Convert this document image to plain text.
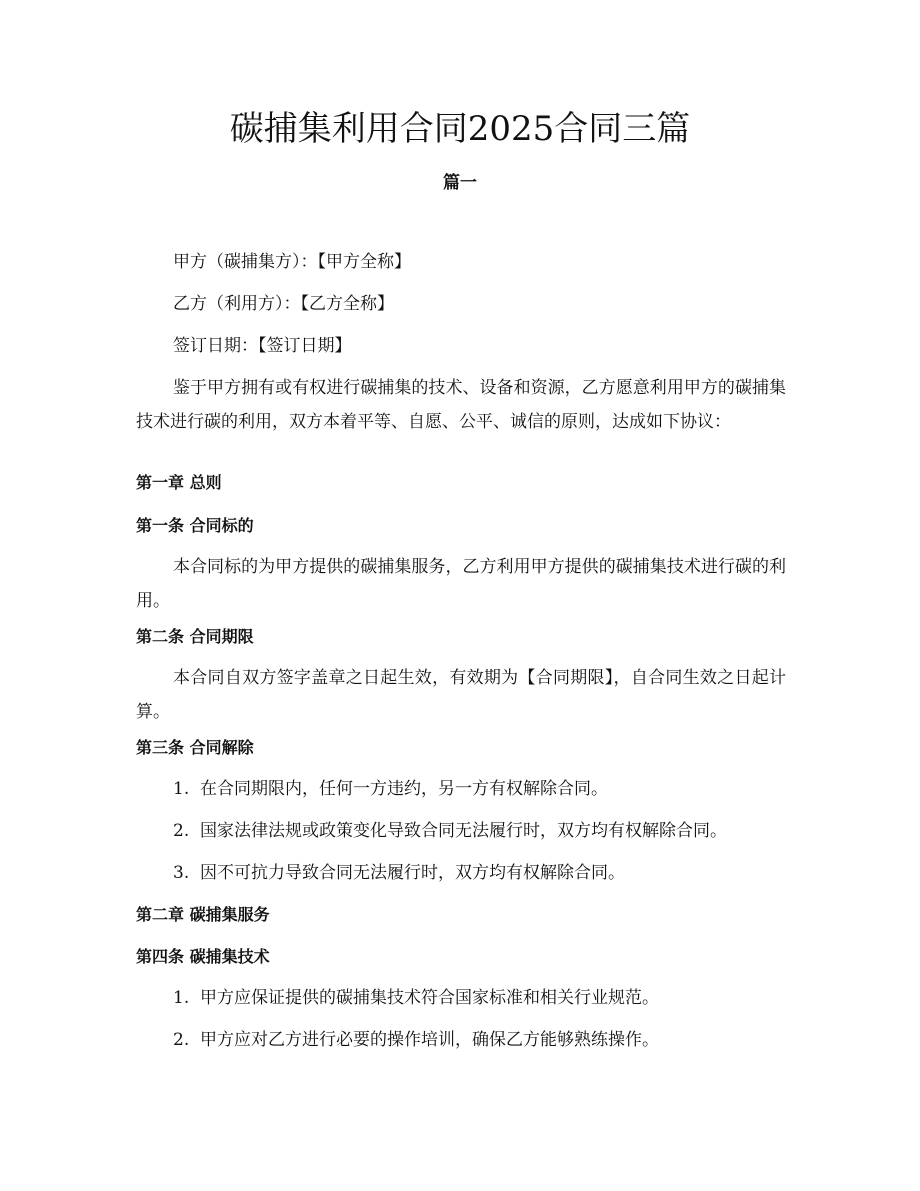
碳捕集利用合同2025合同三篇
篇一

甲方（碳捕集方）：【甲方全称】

乙方（利用方）：【乙方全称】

签订日期：【签订日期】

鉴于甲方拥有或有权进行碳捕集的技术、设备和资源，乙方愿意利用甲方的碳捕集技术进行碳的利用，双方本着平等、自愿、公平、诚信的原则，达成如下协议：

第一章 总则

第一条 合同标的

本合同标的为甲方提供的碳捕集服务，乙方利用甲方提供的碳捕集技术进行碳的利用。

第二条 合同期限

本合同自双方签字盖章之日起生效，有效期为【合同期限】，自合同生效之日起计算。

第三条 合同解除

1. 在合同期限内，任何一方违约，另一方有权解除合同。

2. 国家法律法规或政策变化导致合同无法履行时，双方均有权解除合同。

3. 因不可抗力导致合同无法履行时，双方均有权解除合同。

第二章 碳捕集服务

第四条 碳捕集技术

1. 甲方应保证提供的碳捕集技术符合国家标准和相关行业规范。

2. 甲方应对乙方进行必要的操作培训，确保乙方能够熟练操作。
